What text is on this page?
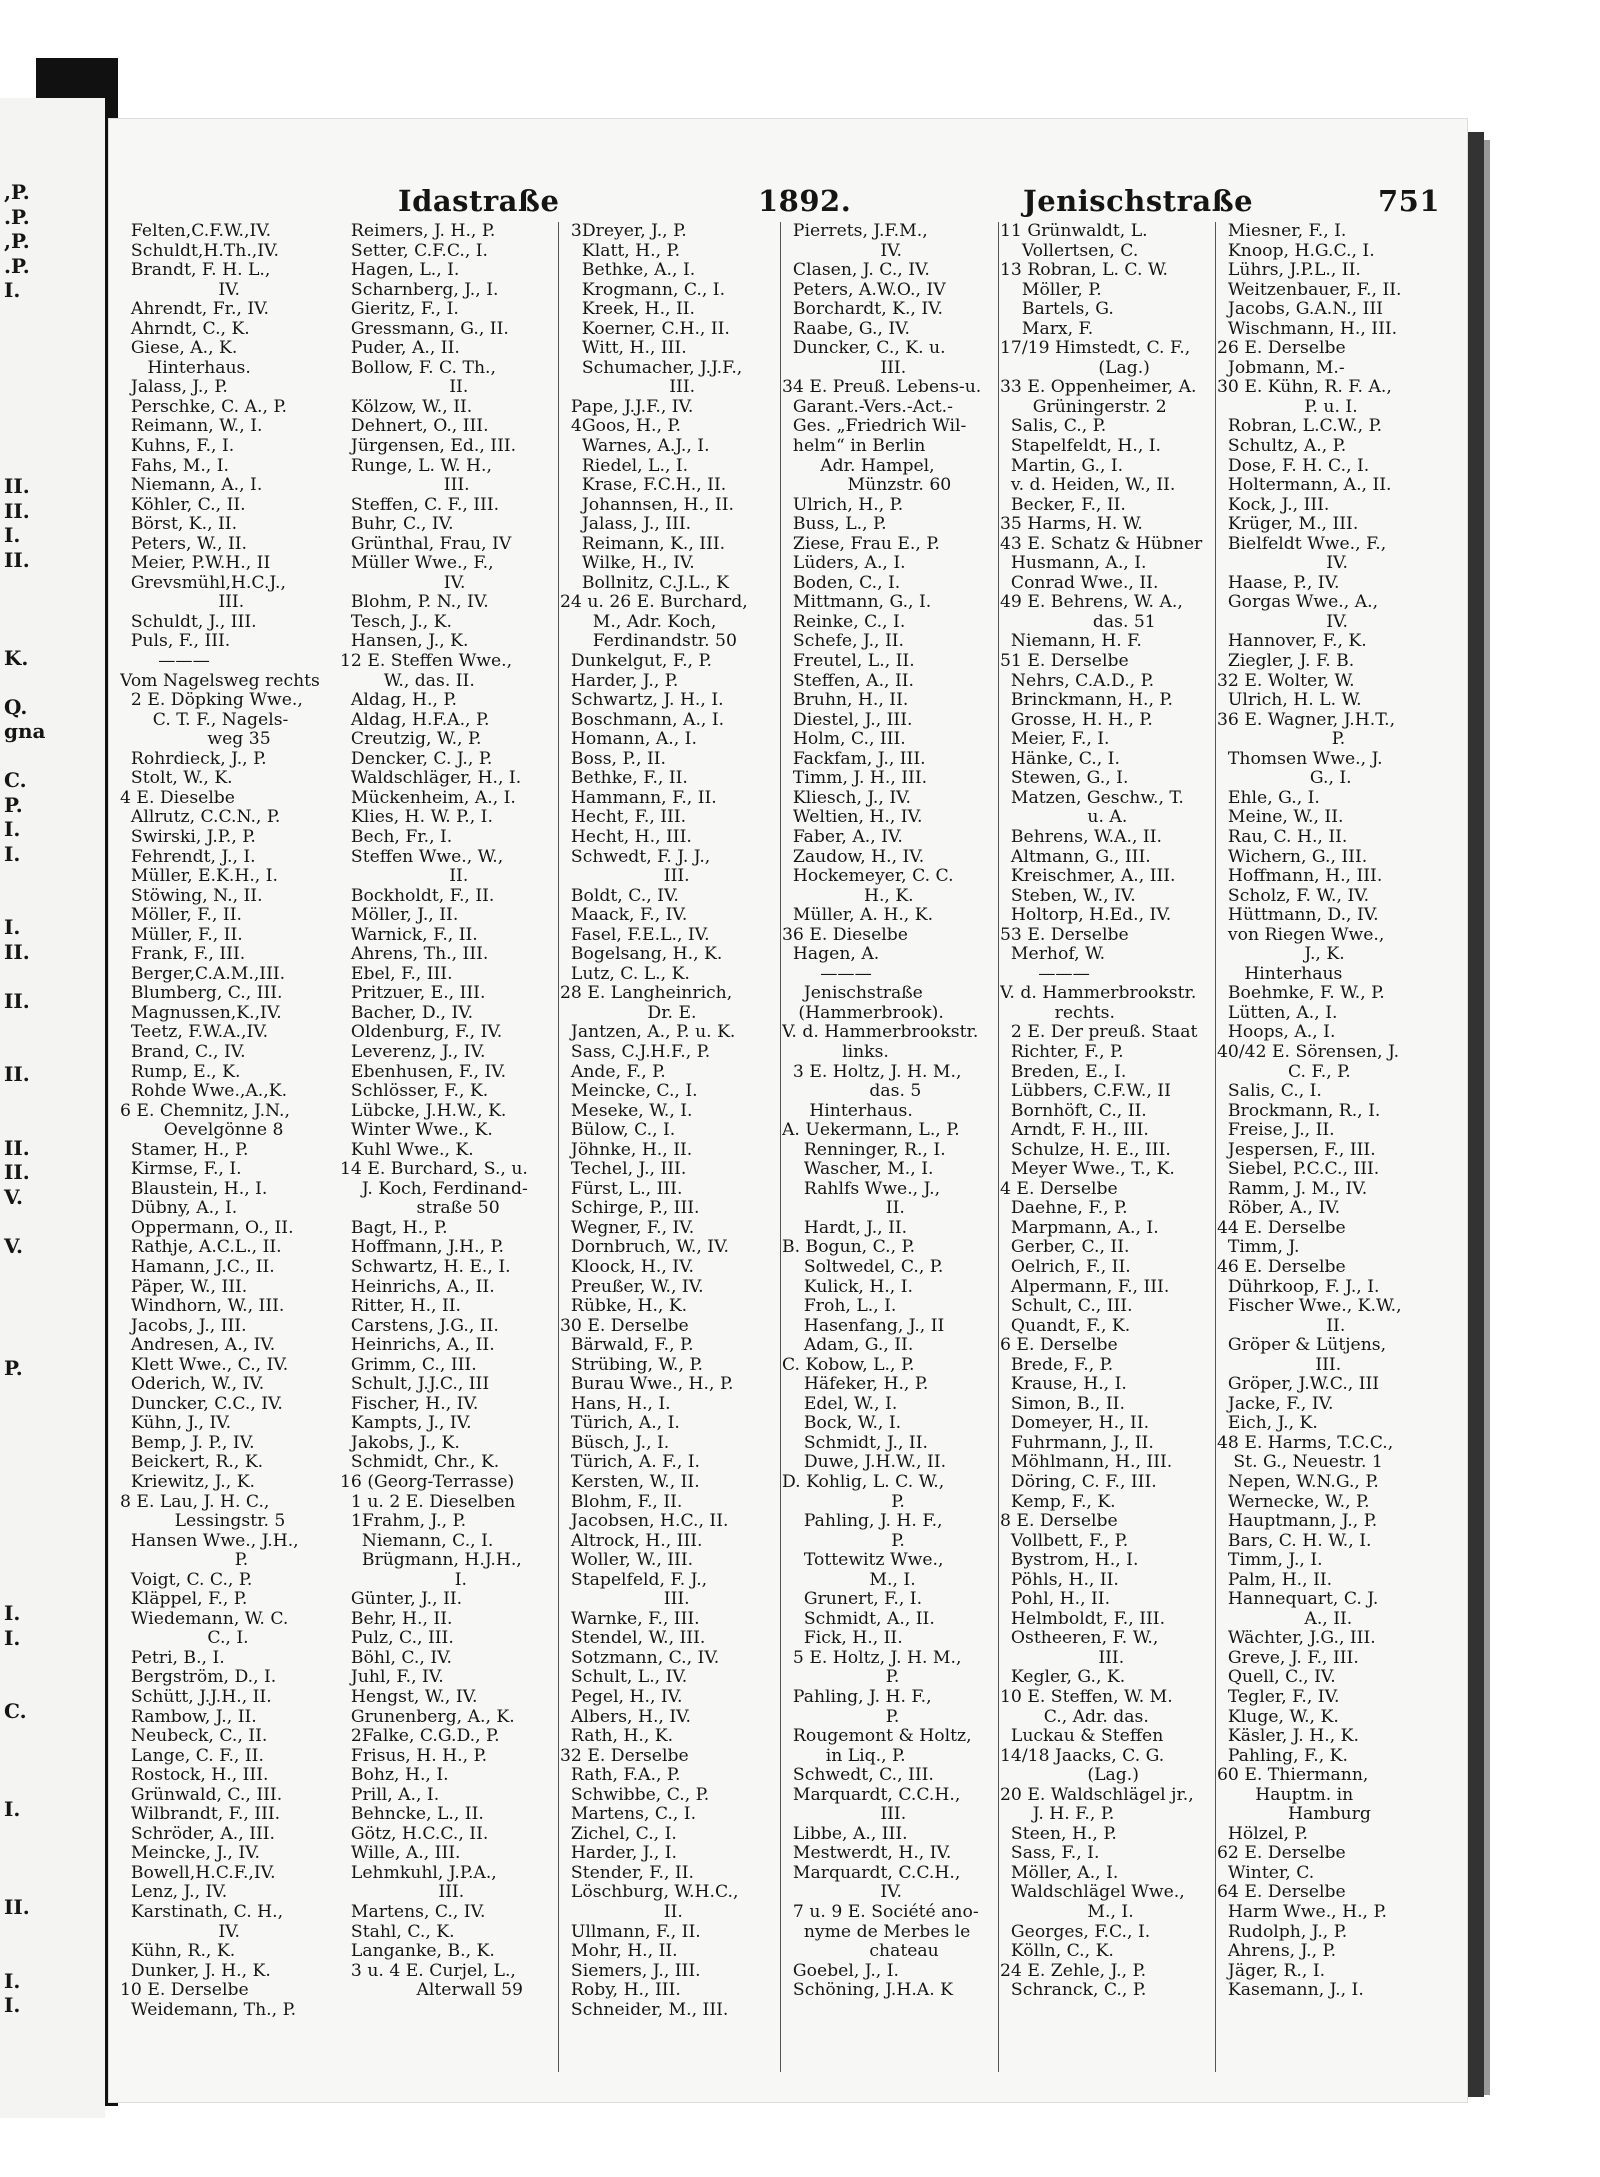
,P.
.P.
,P.
.P.
I.
II.
II.
I.
II.
K.
Q.
gna
C.
P.
I.
I.
I.
II.
II.
II.
II.
II.
V.
V.
P.
I.
I.
C.
I.
II.
I.
I.
Idastraße	1892.	Jenischstraße	751
Felten,C.F.W.,IV.
Schuldt,H.Th.,IV.
Brandt, F. H. L.,
IV.
Ahrendt, Fr., IV.
Ahrndt, C., K.
Giese, A., K.
Hinterhaus.
Jalass, J., P.
Perschke, C. A., P.
Reimann, W., I.
Kuhns, F., I.
Fahs, M., I.
Niemann, A., I.
Köhler, C., II.
Börst, K., II.
Peters, W., II.
Meier, P.W.H., II
Grevsmühl,H.C.J.,
III.
Schuldt, J., III.
Puls, F., III.
———
Vom Nagelsweg rechts
2 E. Döpking Wwe.,
C. T. F., Nagels-
weg 35
Rohrdieck, J., P.
Stolt, W., K.
4 E. Dieselbe
Allrutz, C.C.N., P.
Swirski, J.P., P.
Fehrendt, J., I.
Müller, E.K.H., I.
Stöwing, N., II.
Möller, F., II.
Müller, F., II.
Frank, F., III.
Berger,C.A.M.,III.
Blumberg, C., III.
Magnussen,K.,IV.
Teetz, F.W.A.,IV.
Brand, C., IV.
Rump, E., K.
Rohde Wwe.,A.,K.
6 E. Chemnitz, J.N.,
Oevelgönne 8
Stamer, H., P.
Kirmse, F., I.
Blaustein, H., I.
Dübny, A., I.
Oppermann, O., II.
Rathje, A.C.L., II.
Hamann, J.C., II.
Päper, W., III.
Windhorn, W., III.
Jacobs, J., III.
Andresen, A., IV.
Klett Wwe., C., IV.
Oderich, W., IV.
Duncker, C.C., IV.
Kühn, J., IV.
Bemp, J. P., IV.
Beickert, R., K.
Kriewitz, J., K.
8 E. Lau, J. H. C.,
Lessingstr. 5
Hansen Wwe., J.H.,
P.
Voigt, C. C., P.
Kläppel, F., P.
Wiedemann, W. C.
C., I.
Petri, B., I.
Bergström, D., I.
Schütt, J.J.H., II.
Rambow, J., II.
Neubeck, C., II.
Lange, C. F., II.
Rostock, H., III.
Grünwald, C., III.
Wilbrandt, F., III.
Schröder, A., III.
Meincke, J., IV.
Bowell,H.C.F.,IV.
Lenz, J., IV.
Karstinath, C. H.,
IV.
Kühn, R., K.
Dunker, J. H., K.
10 E. Derselbe
Weidemann, Th., P.
Reimers, J. H., P.
Setter, C.F.C., I.
Hagen, L., I.
Scharnberg, J., I.
Gieritz, F., I.
Gressmann, G., II.
Puder, A., II.
Bollow, F. C. Th.,
II.
Kölzow, W., II.
Dehnert, O., III.
Jürgensen, Ed., III.
Runge, L. W. H.,
III.
Steffen, C. F., III.
Buhr, C., IV.
Grünthal, Frau, IV
Müller Wwe., F.,
IV.
Blohm, P. N., IV.
Tesch, J., K.
Hansen, J., K.
12 E. Steffen Wwe.,
W., das. II.
Aldag, H., P.
Aldag, H.F.A., P.
Creutzig, W., P.
Dencker, C. J., P.
Waldschläger, H., I.
Mückenheim, A., I.
Klies, H. W. P., I.
Bech, Fr., I.
Steffen Wwe., W.,
II.
Bockholdt, F., II.
Möller, J., II.
Warnick, F., II.
Ahrens, Th., III.
Ebel, F., III.
Pritzuer, E., III.
Bacher, D., IV.
Oldenburg, F., IV.
Leverenz, J., IV.
Ebenhusen, F., IV.
Schlösser, F., K.
Lübcke, J.H.W., K.
Winter Wwe., K.
Kuhl Wwe., K.
14 E. Burchard, S., u.
J. Koch, Ferdinand-
straße 50
Bagt, H., P.
Hoffmann, J.H., P.
Schwartz, H. E., I.
Heinrichs, A., II.
Ritter, H., II.
Carstens, J.G., II.
Heinrichs, A., II.
Grimm, C., III.
Schult, J.J.C., III
Fischer, H., IV.
Kampts, J., IV.
Jakobs, J., K.
Schmidt, Chr., K.
16 (Georg-Terrasse)
1 u. 2 E. Dieselben
1Frahm, J., P.
Niemann, C., I.
Brügmann, H.J.H.,
I.
Günter, J., II.
Behr, H., II.
Pulz, C., III.
Böhl, C., IV.
Juhl, F., IV.
Hengst, W., IV.
Grunenberg, A., K.
2Falke, C.G.D., P.
Frisus, H. H., P.
Bohz, H., I.
Prill, A., I.
Behncke, L., II.
Götz, H.C.C., II.
Wille, A., III.
Lehmkuhl, J.P.A.,
III.
Martens, C., IV.
Stahl, C., K.
Langanke, B., K.
3 u. 4 E. Curjel, L.,
Alterwall 59
3Dreyer, J., P.
Klatt, H., P.
Bethke, A., I.
Krogmann, C., I.
Kreek, H., II.
Koerner, C.H., II.
Witt, H., III.
Schumacher, J.J.F.,
III.
Pape, J.J.F., IV.
4Goos, H., P.
Warnes, A.J., I.
Riedel, L., I.
Krase, F.C.H., II.
Johannsen, H., II.
Jalass, J., III.
Reimann, K., III.
Wilke, H., IV.
Bollnitz, C.J.L., K
24 u. 26 E. Burchard,
M., Adr. Koch,
Ferdinandstr. 50
Dunkelgut, F., P.
Harder, J., P.
Schwartz, J. H., I.
Boschmann, A., I.
Homann, A., I.
Boss, P., II.
Bethke, F., II.
Hammann, F., II.
Hecht, F., III.
Hecht, H., III.
Schwedt, F. J. J.,
III.
Boldt, C., IV.
Maack, F., IV.
Fasel, F.E.L., IV.
Bogelsang, H., K.
Lutz, C. L., K.
28 E. Langheinrich,
Dr. E.
Jantzen, A., P. u. K.
Sass, C.J.H.F., P.
Ande, F., P.
Meincke, C., I.
Meseke, W., I.
Bülow, C., I.
Jöhnke, H., II.
Techel, J., III.
Fürst, L., III.
Schirge, P., III.
Wegner, F., IV.
Dornbruch, W., IV.
Kloock, H., IV.
Preußer, W., IV.
Rübke, H., K.
30 E. Derselbe
Bärwald, F., P.
Strübing, W., P.
Burau Wwe., H., P.
Hans, H., I.
Türich, A., I.
Büsch, J., I.
Türich, A. F., I.
Kersten, W., II.
Blohm, F., II.
Jacobsen, H.C., II.
Altrock, H., III.
Woller, W., III.
Stapelfeld, F. J.,
III.
Warnke, F., III.
Stendel, W., III.
Sotzmann, C., IV.
Schult, L., IV.
Pegel, H., IV.
Albers, H., IV.
Rath, H., K.
32 E. Derselbe
Rath, F.A., P.
Schwibbe, C., P.
Martens, C., I.
Zichel, C., I.
Harder, J., I.
Stender, F., II.
Löschburg, W.H.C.,
II.
Ullmann, F., II.
Mohr, H., II.
Siemers, J., III.
Roby, H., III.
Schneider, M., III.
Pierrets, J.F.M.,
IV.
Clasen, J. C., IV.
Peters, A.W.O., IV
Borchardt, K., IV.
Raabe, G., IV.
Duncker, C., K. u.
III.
34 E. Preuß. Lebens-u.
Garant.-Vers.-Act.-
Ges. „Friedrich Wil-
helm“ in Berlin
Adr. Hampel,
Münzstr. 60
Ulrich, H., P.
Buss, L., P.
Ziese, Frau E., P.
Lüders, A., I.
Boden, C., I.
Mittmann, G., I.
Reinke, C., I.
Schefe, J., II.
Freutel, L., II.
Steffen, A., II.
Bruhn, H., II.
Diestel, J., III.
Holm, C., III.
Fackfam, J., III.
Timm, J. H., III.
Kliesch, J., IV.
Weltien, H., IV.
Faber, A., IV.
Zaudow, H., IV.
Hockemeyer, C. C.
H., K.
Müller, A. H., K.
36 E. Dieselbe
Hagen, A.
———
Jenischstraße
(Hammerbrook).
V. d. Hammerbrookstr.
links.
3 E. Holtz, J. H. M.,
das. 5
Hinterhaus.
A. Uekermann, L., P.
Renninger, R., I.
Wascher, M., I.
Rahlfs Wwe., J.,
II.
Hardt, J., II.
B. Bogun, C., P.
Soltwedel, C., P.
Kulick, H., I.
Froh, L., I.
Hasenfang, J., II
Adam, G., II.
C. Kobow, L., P.
Häfeker, H., P.
Edel, W., I.
Bock, W., I.
Schmidt, J., II.
Duwe, J.H.W., II.
D. Kohlig, L. C. W.,
P.
Pahling, J. H. F.,
P.
Tottewitz Wwe.,
M., I.
Grunert, F., I.
Schmidt, A., II.
Fick, H., II.
5 E. Holtz, J. H. M.,
P.
Pahling, J. H. F.,
P.
Rougemont & Holtz,
in Liq., P.
Schwedt, C., III.
Marquardt, C.C.H.,
III.
Libbe, A., III.
Mestwerdt, H., IV.
Marquardt, C.C.H.,
IV.
7 u. 9 E. Société ano-
nyme de Merbes le
chateau
Goebel, J., I.
Schöning, J.H.A. K
11 Grünwaldt, L.
Vollertsen, C.
13 Robran, L. C. W.
Möller, P.
Bartels, G.
Marx, F.
17/19 Himstedt, C. F.,
(Lag.)
33 E. Oppenheimer, A.
Grüningerstr. 2
Salis, C., P.
Stapelfeldt, H., I.
Martin, G., I.
v. d. Heiden, W., II.
Becker, F., II.
35 Harms, H. W.
43 E. Schatz & Hübner
Husmann, A., I.
Conrad Wwe., II.
49 E. Behrens, W. A.,
das. 51
Niemann, H. F.
51 E. Derselbe
Nehrs, C.A.D., P.
Brinckmann, H., P.
Grosse, H. H., P.
Meier, F., I.
Hänke, C., I.
Stewen, G., I.
Matzen, Geschw., T.
u. A.
Behrens, W.A., II.
Altmann, G., III.
Kreischmer, A., III.
Steben, W., IV.
Holtorp, H.Ed., IV.
53 E. Derselbe
Merhof, W.
———
V. d. Hammerbrookstr.
rechts.
2 E. Der preuß. Staat
Richter, F., P.
Breden, E., I.
Lübbers, C.F.W., II
Bornhöft, C., II.
Arndt, F. H., III.
Schulze, H. E., III.
Meyer Wwe., T., K.
4 E. Derselbe
Daehne, F., P.
Marpmann, A., I.
Gerber, C., II.
Oelrich, F., II.
Alpermann, F., III.
Schult, C., III.
Quandt, F., K.
6 E. Derselbe
Brede, F., P.
Krause, H., I.
Simon, B., II.
Domeyer, H., II.
Fuhrmann, J., II.
Möhlmann, H., III.
Döring, C. F., III.
Kemp, F., K.
8 E. Derselbe
Vollbett, F., P.
Bystrom, H., I.
Pöhls, H., II.
Pohl, H., II.
Helmboldt, F., III.
Ostheeren, F. W.,
III.
Kegler, G., K.
10 E. Steffen, W. M.
C., Adr. das.
Luckau & Steffen
14/18 Jaacks, C. G.
(Lag.)
20 E. Waldschlägel jr.,
J. H. F., P.
Steen, H., P.
Sass, F., I.
Möller, A., I.
Waldschlägel Wwe.,
M., I.
Georges, F.C., I.
Kölln, C., K.
24 E. Zehle, J., P.
Schranck, C., P.
Miesner, F., I.
Knoop, H.G.C., I.
Lührs, J.P.L., II.
Weitzenbauer, F., II.
Jacobs, G.A.N., III
Wischmann, H., III.
26 E. Derselbe
Jobmann, M.-
30 E. Kühn, R. F. A.,
P. u. I.
Robran, L.C.W., P.
Schultz, A., P.
Dose, F. H. C., I.
Holtermann, A., II.
Kock, J., III.
Krüger, M., III.
Bielfeldt Wwe., F.,
IV.
Haase, P., IV.
Gorgas Wwe., A.,
IV.
Hannover, F., K.
Ziegler, J. F. B.
32 E. Wolter, W.
Ulrich, H. L. W.
36 E. Wagner, J.H.T.,
P.
Thomsen Wwe., J.
G., I.
Ehle, G., I.
Meine, W., II.
Rau, C. H., II.
Wichern, G., III.
Hoffmann, H., III.
Scholz, F. W., IV.
Hüttmann, D., IV.
von Riegen Wwe.,
J., K.
Hinterhaus
Boehmke, F. W., P.
Lütten, A., I.
Hoops, A., I.
40/42 E. Sörensen, J.
C. F., P.
Salis, C., I.
Brockmann, R., I.
Freise, J., II.
Jespersen, F., III.
Siebel, P.C.C., III.
Ramm, J. M., IV.
Röber, A., IV.
44 E. Derselbe
Timm, J.
46 E. Derselbe
Dührkoop, F. J., I.
Fischer Wwe., K.W.,
II.
Gröper & Lütjens,
III.
Gröper, J.W.C., III
Jacke, F., IV.
Eich, J., K.
48 E. Harms, T.C.C.,
St. G., Neuestr. 1
Nepen, W.N.G., P.
Wernecke, W., P.
Hauptmann, J., P.
Bars, C. H. W., I.
Timm, J., I.
Palm, H., II.
Hannequart, C. J.
A., II.
Wächter, J.G., III.
Greve, J. F., III.
Quell, C., IV.
Tegler, F., IV.
Kluge, W., K.
Käsler, J. H., K.
Pahling, F., K.
60 E. Thiermann,
Hauptm. in
Hamburg
Hölzel, P.
62 E. Derselbe
Winter, C.
64 E. Derselbe
Harm Wwe., H., P.
Rudolph, J., P.
Ahrens, J., P.
Jäger, R., I.
Kasemann, J., I.
